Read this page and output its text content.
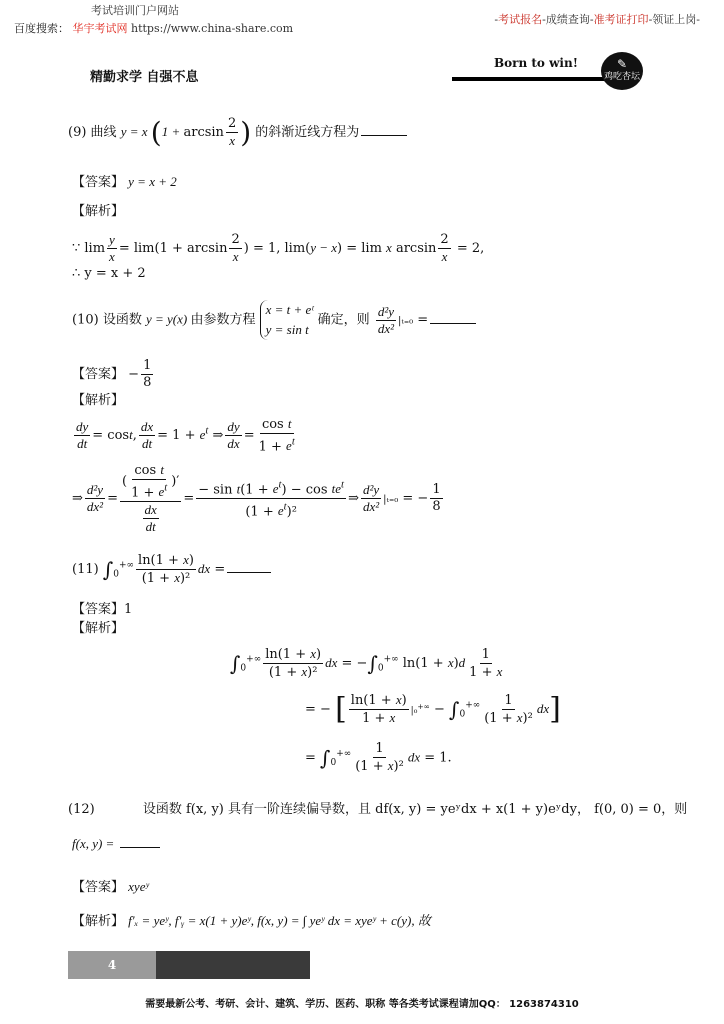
考试培训门户网站
百度搜索： 华宇考试网 https://www.china-share.com
-考试报名-成绩查询-准考证打印-领证上岗-
精勤求学 自强不息
Born to win!	✎
鸡吃杏坛
(9) 曲线 y = x ($1 + \arcsin \frac{2}{x}$ ) 的斜渐近线方程为
【答案】 y = x + 2
【解析】
∵ $\lim \frac{y}{x} = \lim(1 + \arcsin \frac{2}{x}$ ) = 1, lim(y − x) = lim x $\arcsin \frac{2}{x} = 2$,
∴ y = x + 2
(10) 设函数 y = y(x) 由参数方程
x = t + eᵗ
y = sin t
确定，则 $\frac{\text{d²y}}{\text{dx²}} |_{t=0}$ =
【答案】 − $\frac{1}{8}$
【解析】
$\frac{dy}{dt} = \cos t$, $\frac{dx}{dt} = 1 + e^t$ ⇒ $\frac{dy}{dx} = \frac{\text{cos t}}{1 + e^t}$
⇒ $\frac{\text{d²y}}{\text{dx²}} = \frac{( \frac{\text{cos t}}{1 + e^t} )'}{\frac{dx}{dt}} = \frac{- \sin t(1 + e^t) - \cos te^t}{(1 + e^t)^2}$ ⇒ $\frac{\text{d²y}}{\text{dx²}} |_{t=0}$ = − $\frac{1}{8}$
(11) $\int_0^{+\infty} \frac{\ln(1 + x)}{\text{(1 + x)²}}$ dx =
【答案】1
【解析】
$\int_0^{+\infty} \frac{\ln(1 + x)}{\text{(1 + x)²}}$ dx = $-\int_0^{+\infty}$ $\ln(1 + x)d \frac{1}{1 + x}$
= − [ $\frac{\ln(1 + x)}{1 + x} |_0^{+\infty} - \int_0^{+\infty} \frac{1}{\text{(1 + x)²}} dx$]
= $\int_0^{+\infty} \frac{1}{\text{(1 + x)²}}$ dx = 1.
(12)	设函数 f(x, y) 具有一阶连续偏导数，且 df(x, y) = yeʸdx + x(1 + y)eʸdy， f(0, 0) = 0，则
f(x, y) =
【答案】 xyeʸ
【解析】 f′ₓ = yeʸ, f′ᵧ = x(1 + y)eʸ, f(x, y) = ∫ yeʸ dx = xyeʸ + c(y), 故
4
需要最新公考、考研、会计、建筑、学历、医药、职称 等各类考试课程请加QQ： 1263874310
